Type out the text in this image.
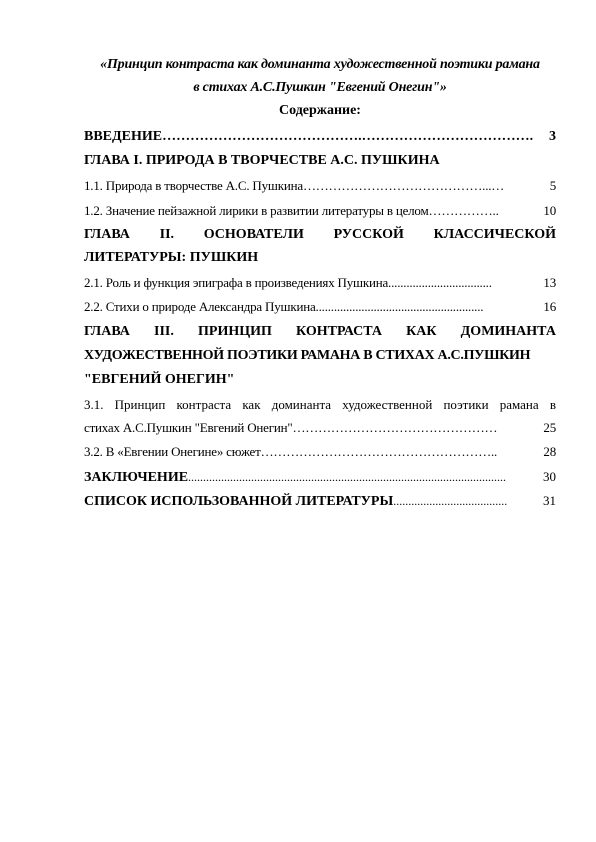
«Принцип контраста как доминанта художественной поэтики рамана
в стихах А.С.Пушкин "Евгений Онегин"»
Содержание:
ВВЕДЕНИЕ …………………………………….……………………………….	3
ГЛАВА I. ПРИРОДА В ТВОРЧЕСТВЕ А.С. ПУШКИНА
1.1. Природа в творчестве А.С. Пушкина ……………………………………...…	5
1.2. Значение пейзажной лирики в развитии литературы в целом ……………..	10
ГЛАВА II. ОСНОВАТЕЛИ РУССКОЙ КЛАССИЧЕСКОЙ
ЛИТЕРАТУРЫ: ПУШКИН
2.1. Роль и функция эпиграфа в произведениях Пушкина ..................................	13
2.2. Стихи о природе Александра Пушкина .......................................................	16
ГЛАВА III. ПРИНЦИП КОНТРАСТА КАК ДОМИНАНТА
ХУДОЖЕСТВЕННОЙ ПОЭТИКИ РАМАНА В СТИХАХ А.С.ПУШКИН
"ЕВГЕНИЙ ОНЕГИН"
3.1. Принцип контраста как доминанта художественной поэтики рамана в
стихах А.С.Пушкин "Евгений Онегин" …………………………………………	25
3.2. В «Евгении Онегине» сюжет ………………………………………………..	28
ЗАКЛЮЧЕНИЕ ..........................................................................................................	30
СПИСОК ИСПОЛЬЗОВАННОЙ ЛИТЕРАТУРЫ ......................................	31
